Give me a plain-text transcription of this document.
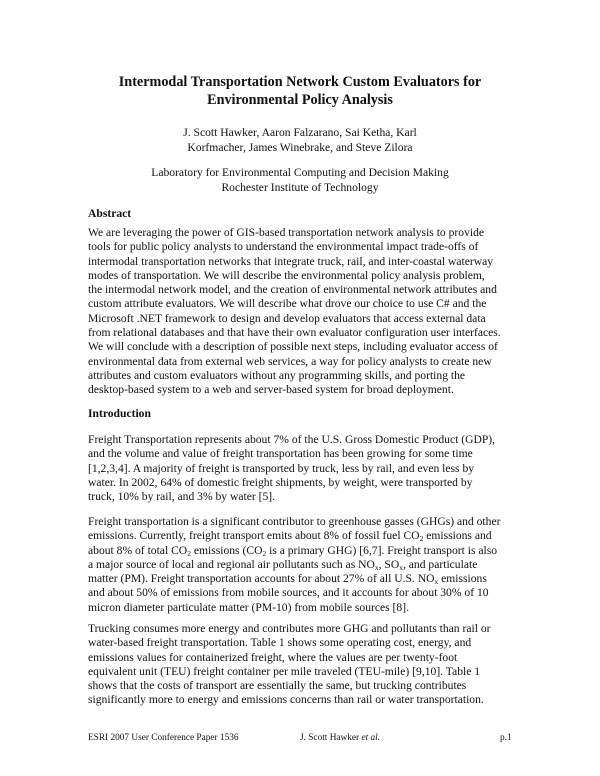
Intermodal Transportation Network Custom Evaluators for
Environmental Policy Analysis
J. Scott Hawker, Aaron Falzarano, Sai Ketha, Karl
Korfmacher, James Winebrake, and Steve Zilora
Laboratory for Environmental Computing and Decision Making
Rochester Institute of Technology
Abstract
We are leveraging the power of GIS-based transportation network analysis to provide
tools for public policy analysts to understand the environmental impact trade-offs of
intermodal transportation networks that integrate truck, rail, and inter-coastal waterway
modes of transportation. We will describe the environmental policy analysis problem,
the intermodal network model, and the creation of environmental network attributes and
custom attribute evaluators. We will describe what drove our choice to use C# and the
Microsoft .NET framework to design and develop evaluators that access external data
from relational databases and that have their own evaluator configuration user interfaces.
We will conclude with a description of possible next steps, including evaluator access of
environmental data from external web services, a way for policy analysts to create new
attributes and custom evaluators without any programming skills, and porting the
desktop-based system to a web and server-based system for broad deployment.
Introduction
Freight Transportation represents about 7% of the U.S. Gross Domestic Product (GDP),
and the volume and value of freight transportation has been growing for some time
[1,2,3,4]. A majority of freight is transported by truck, less by rail, and even less by
water. In 2002, 64% of domestic freight shipments, by weight, were transported by
truck, 10% by rail, and 3% by water [5].
Freight transportation is a significant contributor to greenhouse gasses (GHGs) and other
emissions. Currently, freight transport emits about 8% of fossil fuel $CO_2$ emissions and
about 8% of total $CO_2$ emissions ($CO_2$ is a primary GHG) [6,7]. Freight transport is also
a major source of local and regional air pollutants such as $NO_x$, $SO_x$, and particulate
matter (PM). Freight transportation accounts for about 27% of all U.S. $NO_x$ emissions
and about 50% of emissions from mobile sources, and it accounts for about 30% of 10
micron diameter particulate matter (PM-10) from mobile sources [8].
Trucking consumes more energy and contributes more GHG and pollutants than rail or
water-based freight transportation. Table 1 shows some operating cost, energy, and
emissions values for containerized freight, where the values are per twenty-foot
equivalent unit (TEU) freight container per mile traveled (TEU-mile) [9,10]. Table 1
shows that the costs of transport are essentially the same, but trucking contributes
significantly more to energy and emissions concerns than rail or water transportation.
ESRI 2007 User Conference Paper 1536	J. Scott Hawker et al.	p.1
